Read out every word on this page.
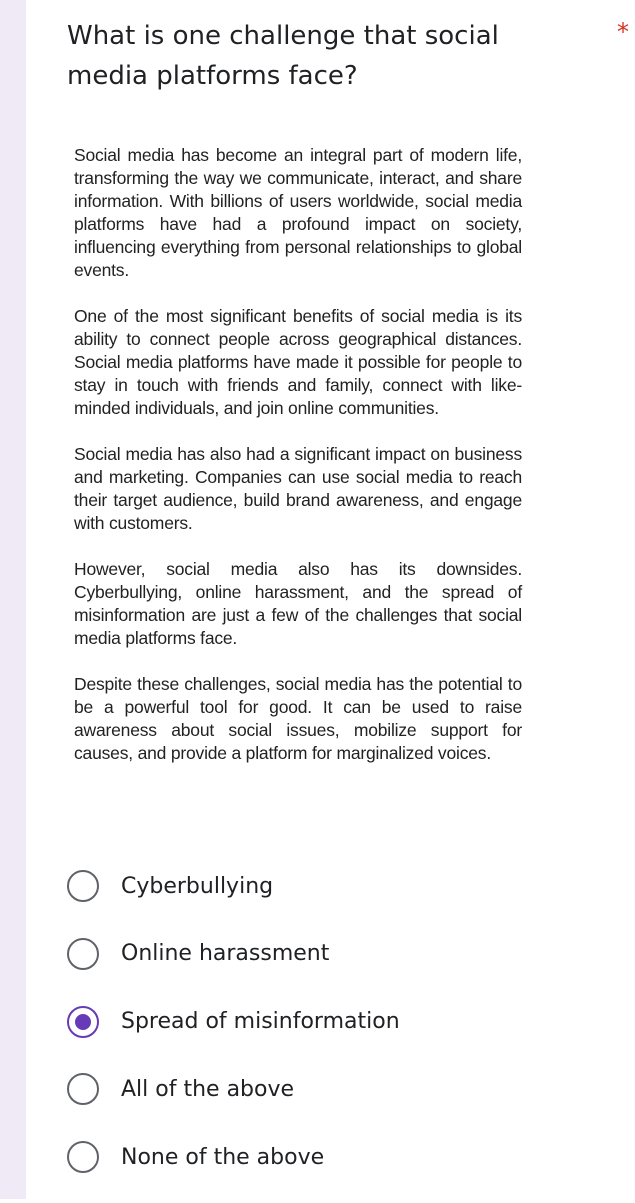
What is one challenge that social media platforms face?
*

Social media has become an integral part of modern life, transforming the way we communicate, interact, and share information. With billions of users worldwide, social media platforms have had a profound impact on society, influencing everything from personal relationships to global events.

One of the most significant benefits of social media is its ability to connect people across geographical distances. Social media platforms have made it possible for people to stay in touch with friends and family, connect with like-minded individuals, and join online communities.

Social media has also had a significant impact on business and marketing. Companies can use social media to reach their target audience, build brand awareness, and engage with customers.

However, social media also has its downsides. Cyberbullying, online harassment, and the spread of misinformation are just a few of the challenges that social media platforms face.

Despite these challenges, social media has the potential to be a powerful tool for good. It can be used to raise awareness about social issues, mobilize support for causes, and provide a platform for marginalized voices.

Cyberbullying
Online harassment
Spread of misinformation
All of the above
None of the above
